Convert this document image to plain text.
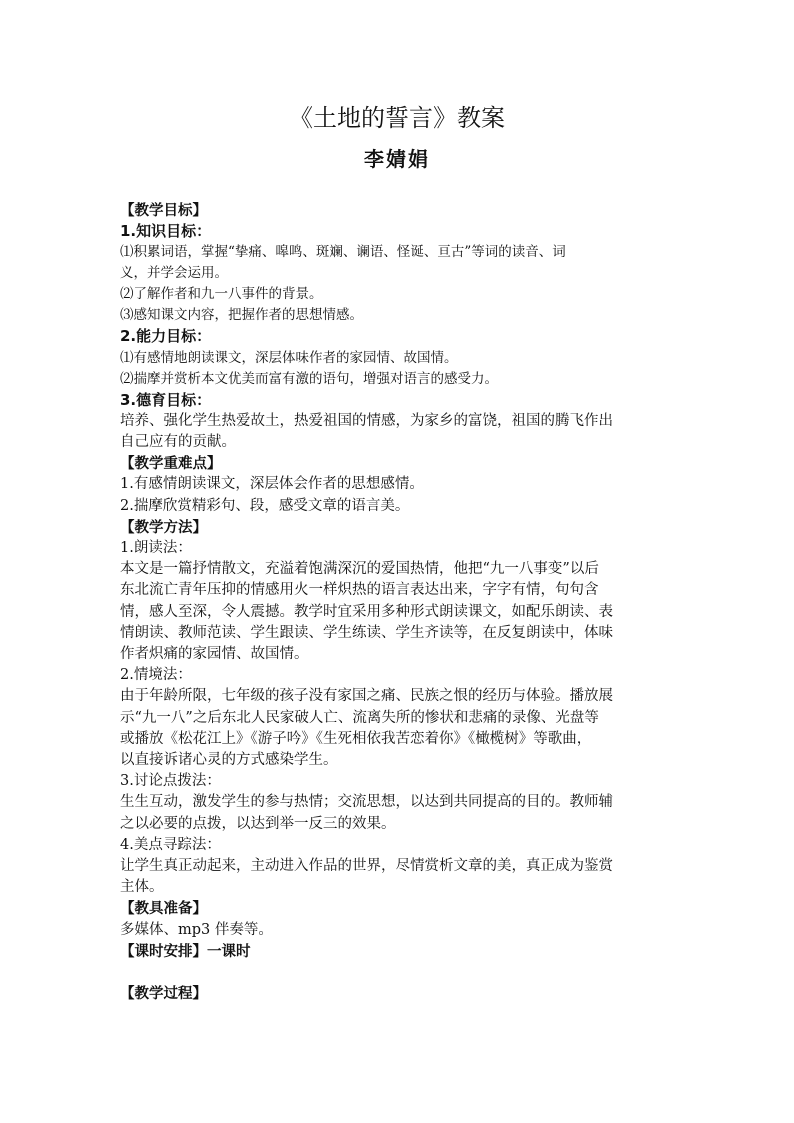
《土地的誓言》教案
李婧娟
【教学目标】
1.知识目标：
⑴积累词语，掌握“挚痛、嗥鸣、斑斓、谰语、怪诞、亘古”等词的读音、词
义，并学会运用。
⑵了解作者和九一八事件的背景。
⑶感知课文内容，把握作者的思想情感。
2.能力目标：
⑴有感情地朗读课文，深层体味作者的家园情、故国情。
⑵揣摩并赏析本文优美而富有激的语句，增强对语言的感受力。
3.德育目标：
培养、强化学生热爱故土，热爱祖国的情感，为家乡的富饶，祖国的腾飞作出
自己应有的贡献。
【教学重难点】
1.有感情朗读课文，深层体会作者的思想感情。
2.揣摩欣赏精彩句、段，感受文章的语言美。
【教学方法】
1.朗读法：
本文是一篇抒情散文，充溢着饱满深沉的爱国热情，他把“九一八事变”以后
东北流亡青年压抑的情感用火一样炽热的语言表达出来，字字有情，句句含
情，感人至深，令人震撼。教学时宜采用多种形式朗读课文，如配乐朗读、表
情朗读、教师范读、学生跟读、学生练读、学生齐读等，在反复朗读中，体味
作者炽痛的家园情、故国情。
2.情境法：
由于年龄所限，七年级的孩子没有家国之痛、民族之恨的经历与体验。播放展
示“九一八”之后东北人民家破人亡、流离失所的惨状和悲痛的录像、光盘等
或播放《松花江上》《游子吟》《生死相依我苦恋着你》《橄榄树》等歌曲，
以直接诉诸心灵的方式感染学生。
3.讨论点拨法：
生生互动，激发学生的参与热情；交流思想，以达到共同提高的目的。教师辅
之以必要的点拨，以达到举一反三的效果。
4.美点寻踪法：
让学生真正动起来，主动进入作品的世界，尽情赏析文章的美，真正成为鉴赏
主体。
【教具准备】
多媒体、mp3 伴奏等。
【课时安排】一课时
【教学过程】
